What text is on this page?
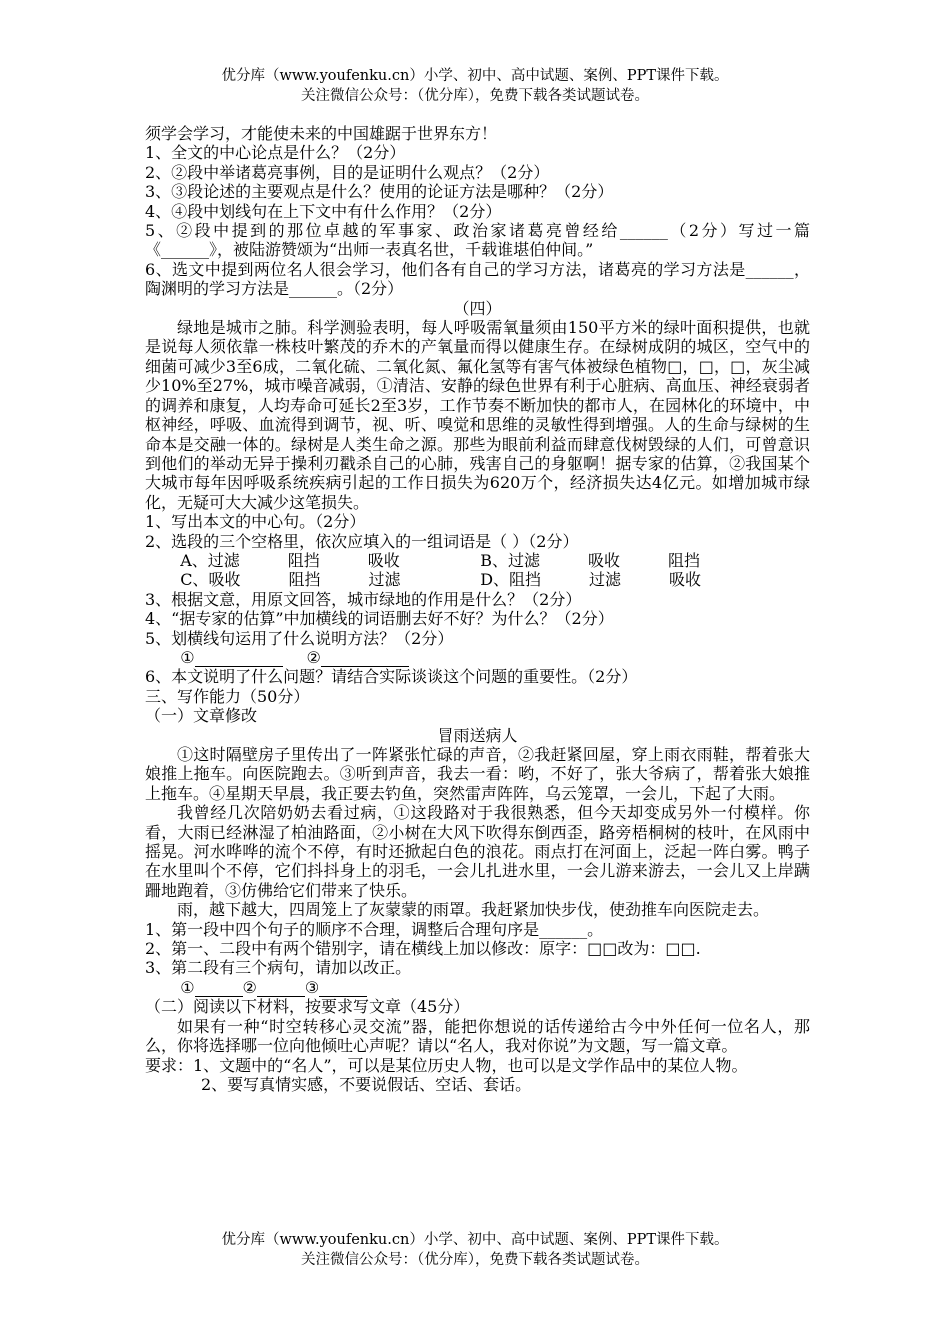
优分库（www.youfenku.cn）小学、初中、高中试题、案例、PPT课件下载。
关注微信公众号：（优分库），免费下载各类试题试卷。

须学会学习，才能使未来的中国雄踞于世界东方！

1、全文的中心论点是什么？（2分）

2、②段中举诸葛亮事例，目的是证明什么观点？（2分）

3、③段论述的主要观点是什么？使用的论证方法是哪种？（2分）

4、④段中划线句在上下文中有什么作用？（2分）

5、②段中提到的那位卓越的军事家、政治家诸葛亮曾经给______（2分）写过一篇《______》，被陆游赞颂为“出师一表真名世，千载谁堪伯仲间。”

6、选文中提到两位名人很会学习，他们各有自己的学习方法，诸葛亮的学习方法是______，陶渊明的学习方法是______。（2分）

（四）

绿地是城市之肺。科学测验表明，每人呼吸需氧量须由150平方米的绿叶面积提供，也就是说每人须依靠一株枝叶繁茂的乔木的产氧量而得以健康生存。在绿树成阴的城区，空气中的细菌可减少3至6成，二氧化硫、二氧化氮、氟化氢等有害气体被绿色植物□，□，□，灰尘减少10%至27%，城市噪音减弱，①清洁、安静的绿色世界有利于心脏病、高血压、神经衰弱者的调养和康复，人均寿命可延长2至3岁，工作节奏不断加快的都市人，在园林化的环境中，中枢神经，呼吸、血流得到调节，视、听、嗅觉和思维的灵敏性得到增强。人的生命与绿树的生命本是交融一体的。绿树是人类生命之源。那些为眼前利益而肆意伐树毁绿的人们，可曾意识到他们的举动无异于操利刃戳杀自己的心肺，残害自己的身躯啊！据专家的估算，②我国某个大城市每年因呼吸系统疾病引起的工作日损失为620万个，经济损失达4亿元。如增加城市绿化，无疑可大大减少这笔损失。

1、写出本文的中心句。（2分）

2、选段的三个空格里，依次应填入的一组词语是（ ）（2分）

A、过滤	阻挡	吸收	B、过滤	吸收	阻挡
C、吸收	阻挡	过滤	D、阻挡	过滤	吸收

3、根据文意，用原文回答，城市绿地的作用是什么？（2分）

4、“据专家的估算”中加横线的词语删去好不好？为什么？（2分）

5、划横线句运用了什么说明方法？（2分）

①	②

6、本文说明了什么问题？请结合实际谈谈这个问题的重要性。（2分）

三、写作能力（50分）

（一）文章修改

冒雨送病人

①这时隔壁房子里传出了一阵紧张忙碌的声音，②我赶紧回屋，穿上雨衣雨鞋，帮着张大娘推上拖车。向医院跑去。③听到声音，我去一看：哟，不好了，张大爷病了，帮着张大娘推上拖车。④星期天早晨，我正要去钓鱼，突然雷声阵阵，乌云笼罩，一会儿，下起了大雨。

我曾经几次陪奶奶去看过病，①这段路对于我很熟悉，但今天却变成另外一付模样。你看，大雨已经淋湿了柏油路面，②小树在大风下吹得东倒西歪，路旁梧桐树的枝叶，在风雨中摇晃。河水哗哗的流个不停，有时还掀起白色的浪花。雨点打在河面上，泛起一阵白雾。鸭子在水里叫个不停，它们抖抖身上的羽毛，一会儿扎进水里，一会儿游来游去，一会儿又上岸蹒跚地跑着，③仿佛给它们带来了快乐。

雨，越下越大，四周笼上了灰蒙蒙的雨罩。我赶紧加快步伐，使劲推车向医院走去。

1、第一段中四个句子的顺序不合理，调整后合理句序是______。

2、第一、二段中有两个错别字，请在横线上加以修改：原字：□□改为：□□.

3、第二段有三个病句，请加以改正。

①	②	③

（二）阅读以下材料，按要求写文章（45分）

如果有一种“时空转移心灵交流”器，能把你想说的话传递给古今中外任何一位名人，那么，你将选择哪一位向他倾吐心声呢？请以“名人，我对你说”为文题，写一篇文章。

要求：1、文题中的“名人”，可以是某位历史人物，也可以是文学作品中的某位人物。

2、要写真情实感，不要说假话、空话、套话。

优分库（www.youfenku.cn）小学、初中、高中试题、案例、PPT课件下载。
关注微信公众号：（优分库），免费下载各类试题试卷。
